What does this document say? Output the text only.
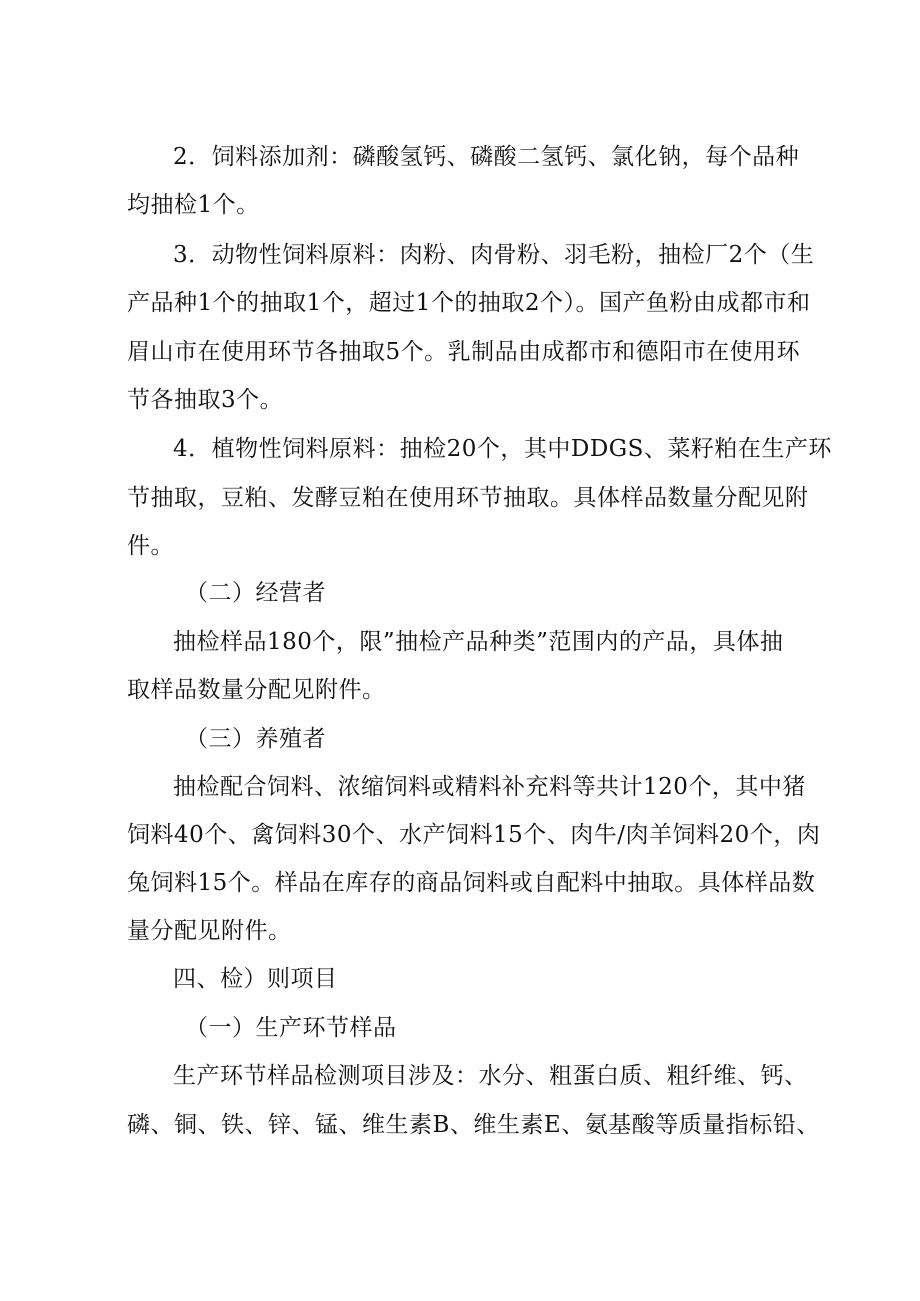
2．饲料添加剂：磷酸氢钙、磷酸二氢钙、氯化钠，每个品种
均抽检1个。
3．动物性饲料原料：肉粉、肉骨粉、羽毛粉，抽检厂2个（生
产品种1个的抽取1个，超过1个的抽取2个）。国产鱼粉由成都市和
眉山市在使用环节各抽取5个。乳制品由成都市和德阳市在使用环
节各抽取3个。
4．植物性饲料原料：抽检20个，其中DDGS、菜籽粕在生产环
节抽取，豆粕、发酵豆粕在使用环节抽取。具体样品数量分配见附
件。
（二）经营者
抽检样品180个，限”抽检产品种类”范围内的产品，具体抽
取样品数量分配见附件。
（三）养殖者
抽检配合饲料、浓缩饲料或精料补充料等共计120个，其中猪
饲料40个、禽饲料30个、水产饲料15个、肉牛/肉羊饲料20个，肉
兔饲料15个。样品在库存的商品饲料或自配料中抽取。具体样品数
量分配见附件。
四、检）则项目
（一）生产环节样品
生产环节样品检测项目涉及：水分、粗蛋白质、粗纤维、钙、
磷、铜、铁、锌、锰、维生素B、维生素E、氨基酸等质量指标铅、
